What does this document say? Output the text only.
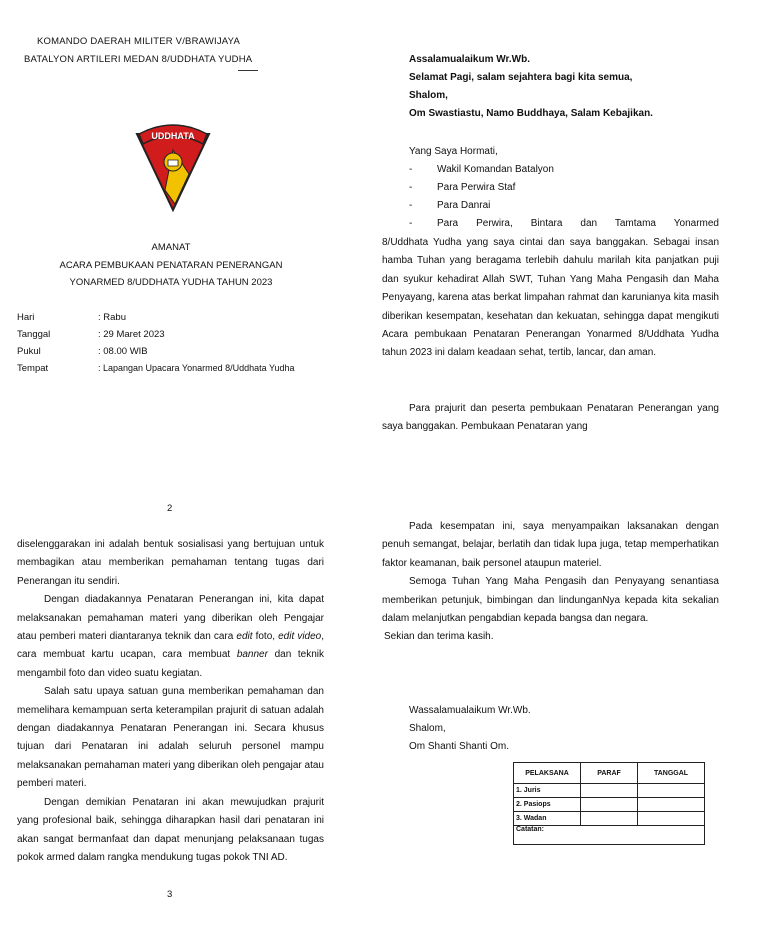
KOMANDO DAERAH MILITER V/BRAWIJAYA
BATALYON ARTILERI MEDAN 8/UDDHATA YUDHA
UDDHATA
AMANAT
ACARA PEMBUKAAN PENATARAN PENERANGAN
YONARMED 8/UDDHATA YUDHA TAHUN 2023
Hari	: Rabu
Tanggal	: 29 Maret 2023
Pukul	: 08.00 WIB
Tempat	: Lapangan Upacara Yonarmed 8/Uddhata Yudha
Assalamualaikum Wr.Wb.
Selamat Pagi, salam sejahtera bagi kita semua,
Shalom,
Om Swastiastu, Namo Buddhaya, Salam Kebajikan.
Yang Saya Hormati,
- Wakil Komandan Batalyon
- Para Perwira Staf
- Para Danrai
- Para Perwira, Bintara dan Tamtama Yonarmed
8/Uddhata Yudha yang saya cintai dan saya banggakan. Sebagai insan hamba Tuhan yang beragama terlebih dahulu marilah kita panjatkan puji dan syukur kehadirat Allah SWT, Tuhan Yang Maha Pengasih dan Maha Penyayang, karena atas berkat limpahan rahmat dan karunianya kita masih diberikan kesempatan, kesehatan dan kekuatan, sehingga dapat mengikuti Acara pembukaan Penataran Penerangan Yonarmed 8/Uddhata Yudha tahun 2023 ini dalam keadaan sehat, tertib, lancar, dan aman.
Para prajurit dan peserta pembukaan Penataran Penerangan yang saya banggakan. Pembukaan Penataran yang
2
diselenggarakan ini adalah bentuk sosialisasi yang bertujuan untuk membagikan atau memberikan pemahaman tentang tugas dari Penerangan itu sendiri.
Dengan diadakannya Penataran Penerangan ini, kita dapat melaksanakan pemahaman materi yang diberikan oleh Pengajar atau pemberi materi diantaranya teknik dan cara edit foto, edit video, cara membuat kartu ucapan, cara membuat banner dan teknik mengambil foto dan video suatu kegiatan.
Salah satu upaya satuan guna memberikan pemahaman dan memelihara kemampuan serta keterampilan prajurit di satuan adalah dengan diadakannya Penataran Penerangan ini. Secara khusus tujuan dari Penataran ini adalah seluruh personel mampu melaksanakan pemahaman materi yang diberikan oleh pengajar atau pemberi materi.
Dengan demikian Penataran ini akan mewujudkan prajurit yang profesional baik, sehingga diharapkan hasil dari penataran ini akan sangat bermanfaat dan dapat menunjang pelaksanaan tugas pokok armed dalam rangka mendukung tugas pokok TNI AD.
3
Pada kesempatan ini, saya menyampaikan laksanakan dengan penuh semangat, belajar, berlatih dan tidak lupa juga, tetap memperhatikan faktor keamanan, baik personel ataupun materiel.
Semoga Tuhan Yang Maha Pengasih dan Penyayang senantiasa memberikan petunjuk, bimbingan dan lindunganNya kepada kita sekalian dalam melanjutkan pengabdian kepada bangsa dan negara.
Sekian dan terima kasih.
Wassalamualaikum Wr.Wb.
Shalom,
Om Shanti Shanti Om.
PELAKSANA	PARAF	TANGGAL
1. Juris		
2. Pasiops		
3. Wadan		
Catatan:		
